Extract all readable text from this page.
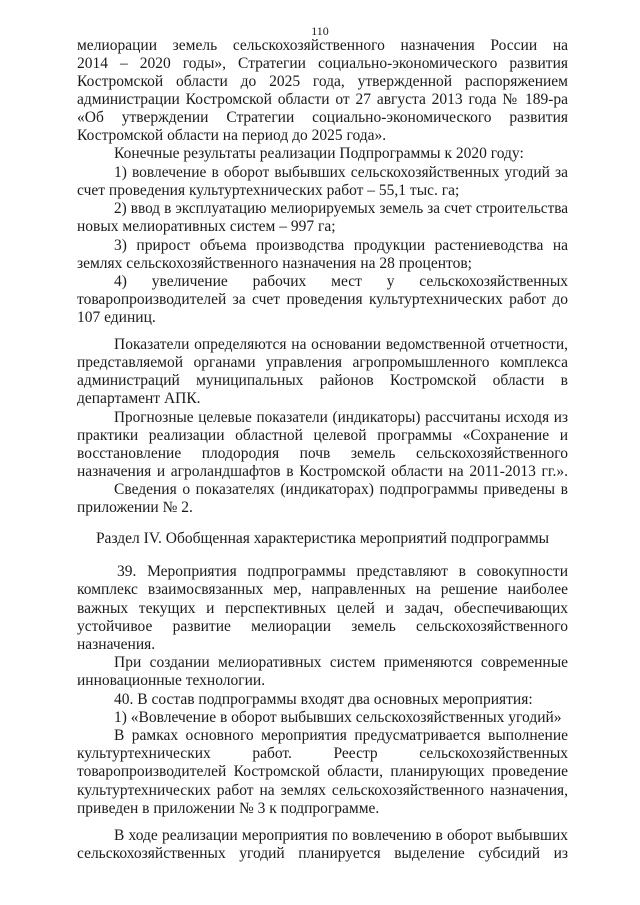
110

мелиорации земель сельскохозяйственного назначения России на

2014 – 2020 годы», Стратегии социально-экономического развития

Костромской области до 2025 года, утвержденной распоряжением

администрации Костромской области от 27 августа 2013 года № 189-ра

«Об утверждении Стратегии социально-экономического развития

Костромской области на период до 2025 года».

Конечные результаты реализации Подпрограммы к 2020 году:

1) вовлечение в оборот выбывших сельскохозяйственных угодий за

счет проведения культуртехнических работ – 55,1 тыс. га;

2) ввод в эксплуатацию мелиорируемых земель за счет строительства

новых мелиоративных систем – 997 га;

3) прирост объема производства продукции растениеводства на

землях сельскохозяйственного назначения на 28 процентов;

4) увеличение рабочих мест у сельскохозяйственных

товаропроизводителей за счет проведения культуртехнических работ до

107 единиц.

Показатели определяются на основании ведомственной отчетности,

представляемой органами управления агропромышленного комплекса

администраций муниципальных районов Костромской области в

департамент АПК.

Прогнозные целевые показатели (индикаторы) рассчитаны исходя из

практики реализации областной целевой программы «Сохранение и

восстановление плодородия почв земель сельскохозяйственного

назначения и агроландшафтов в Костромской области на 2011-2013 гг.».

Сведения о показателях (индикаторах) подпрограммы приведены в

приложении № 2.

Раздел IV. Обобщенная характеристика мероприятий подпрограммы

39. Мероприятия подпрограммы представляют в совокупности

комплекс взаимосвязанных мер, направленных на решение наиболее

важных текущих и перспективных целей и задач, обеспечивающих

устойчивое развитие мелиорации земель сельскохозяйственного

назначения.

При создании мелиоративных систем применяются современные

инновационные технологии.

40. В состав подпрограммы входят два основных мероприятия:

1) «Вовлечение в оборот выбывших сельскохозяйственных угодий»

В рамках основного мероприятия предусматривается выполнение

культуртехнических работ. Реестр сельскохозяйственных

товаропроизводителей Костромской области, планирующих проведение

культуртехнических работ на землях сельскохозяйственного назначения,

приведен в приложении № 3 к подпрограмме.

В ходе реализации мероприятия по вовлечению в оборот выбывших

сельскохозяйственных угодий планируется выделение субсидий из
